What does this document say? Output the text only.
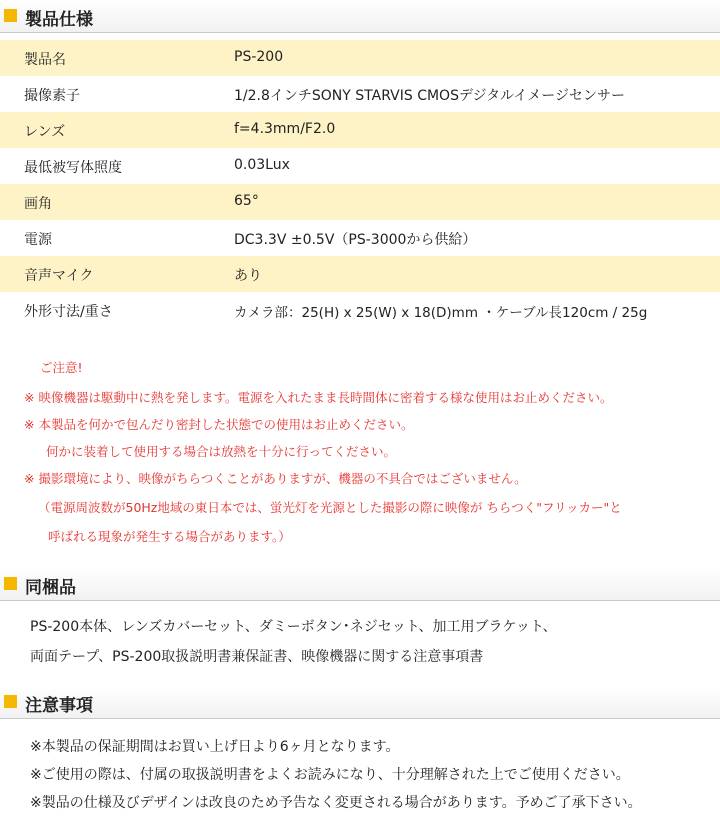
製品仕様
製品名	PS-200
撮像素子	1/2.8インチSONY STARVIS CMOSデジタルイメージセンサー
レンズ	f=4.3mm/F2.0
最低被写体照度	0.03Lux
画角	65°
電源	DC3.3V ±0.5V（PS-3000から供給）
音声マイク	あり
外形寸法/重さ	カメラ部：25(H) x 25(W) x 18(D)mm ・ケーブル長120cm / 25g
ご注意!
※ 映像機器は駆動中に熱を発します。電源を入れたまま長時間体に密着する様な使用はお止めください。
※ 本製品を何かで包んだり密封した状態での使用はお止めください。
何かに装着して使用する場合は放熱を十分に行ってください。
※ 撮影環境により、映像がちらつくことがありますが、機器の不具合ではございません。
（電源周波数が50Hz地域の東日本では、蛍光灯を光源とした撮影の際に映像が ちらつく"フリッカー"と
呼ばれる現象が発生する場合があります。）
同梱品
PS-200本体、レンズカバーセット、ダミーボタン･ネジセット、加工用ブラケット、
両面テープ、PS-200取扱説明書兼保証書、映像機器に関する注意事項書
注意事項
※本製品の保証期間はお買い上げ日より6ヶ月となります。
※ご使用の際は、付属の取扱説明書をよくお読みになり、十分理解された上でご使用ください。
※製品の仕様及びデザインは改良のため予告なく変更される場合があります。予めご了承下さい。
